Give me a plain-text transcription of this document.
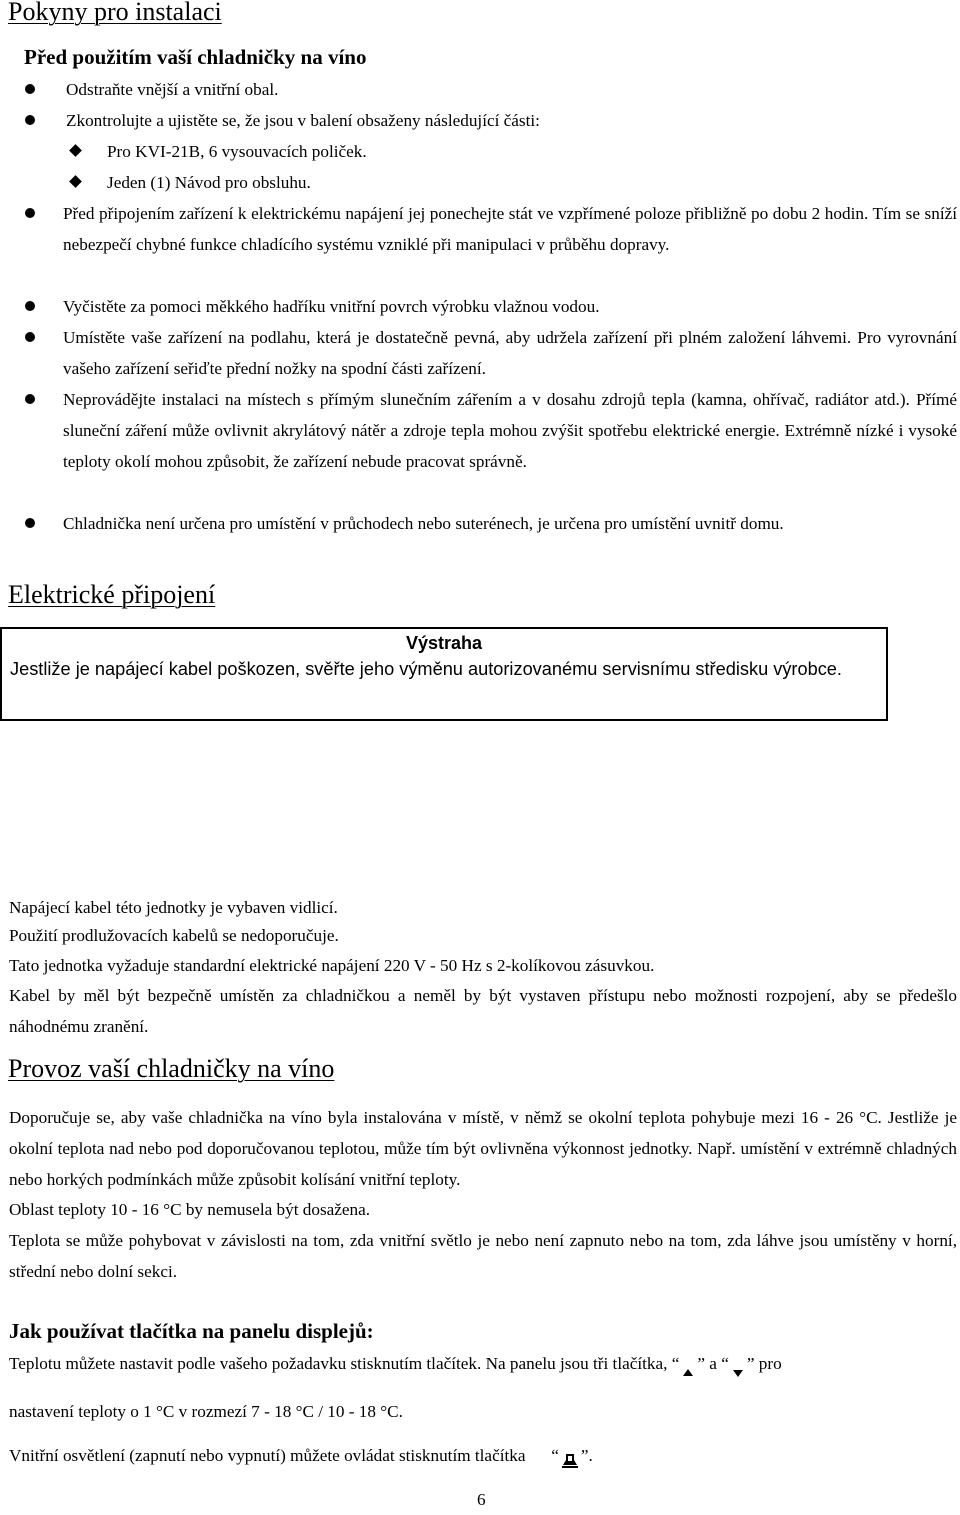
Pokyny pro instalaci
Před použitím vaší chladničky na víno
Odstraňte vnější a vnitřní obal.
Zkontrolujte a ujistěte se, že jsou v balení obsaženy následující části:
Pro KVI-21B, 6 vysouvacích poliček.
Jeden (1) Návod pro obsluhu.
Před připojením zařízení k elektrickému napájení jej ponechejte stát ve vzpřímené poloze přibližně po dobu 2 hodin. Tím se sníží nebezpečí chybné funkce chladícího systému vzniklé při manipulaci v průběhu dopravy.
Vyčistěte za pomoci měkkého hadříku vnitřní povrch výrobku vlažnou vodou.
Umístěte vaše zařízení na podlahu, která je dostatečně pevná, aby udržela zařízení při plném založení láhvemi. Pro vyrovnání vašeho zařízení seřiďte přední nožky na spodní části zařízení.
Neprovádějte instalaci na místech s přímým slunečním zářením a v dosahu zdrojů tepla (kamna, ohřívač, radiátor atd.). Přímé sluneční záření může ovlivnit akrylátový nátěr a zdroje tepla mohou zvýšit spotřebu elektrické energie. Extrémně nízké i vysoké teploty okolí mohou způsobit, že zařízení nebude pracovat správně.
Chladnička není určena pro umístění v průchodech nebo suterénech, je určena pro umístění uvnitř domu.
Elektrické připojení
Výstraha
Jestliže je napájecí kabel poškozen, svěřte jeho výměnu autorizovanému servisnímu středisku výrobce.
Napájecí kabel této jednotky je vybaven vidlicí.
Použití prodlužovacích kabelů se nedoporučuje.
Tato jednotka vyžaduje standardní elektrické napájení 220 V - 50 Hz s 2-kolíkovou zásuvkou.
Kabel by měl být bezpečně umístěn za chladničkou a neměl by být vystaven přístupu nebo možnosti rozpojení, aby se předešlo náhodnému zranění.
Provoz vaší chladničky na víno
Doporučuje se, aby vaše chladnička na víno byla instalována v místě, v němž se okolní teplota pohybuje mezi 16 - 26 °C. Jestliže je okolní teplota nad nebo pod doporučovanou teplotou, může tím být ovlivněna výkonnost jednotky. Např. umístění v extrémně chladných nebo horkých podmínkách může způsobit kolísání vnitřní teploty.
Oblast teploty 10 - 16 °C by nemusela být dosažena.
Teplota se může pohybovat v závislosti na tom, zda vnitřní světlo je nebo není zapnuto nebo na tom, zda láhve jsou umístěny v horní, střední nebo dolní sekci.
Jak používat tlačítka na panelu displejů:
Teplotu můžete nastavit podle vašeho požadavku stisknutím tlačítek. Na panelu jsou tři tlačítka, “ ” a “ ” pro
nastavení teploty o 1 °C v rozmezí 7 - 18 °C / 10 - 18 °C.
Vnitřní osvětlení (zapnutí nebo vypnutí) můžete ovládat stisknutím tlačítka      “ ”.
6
